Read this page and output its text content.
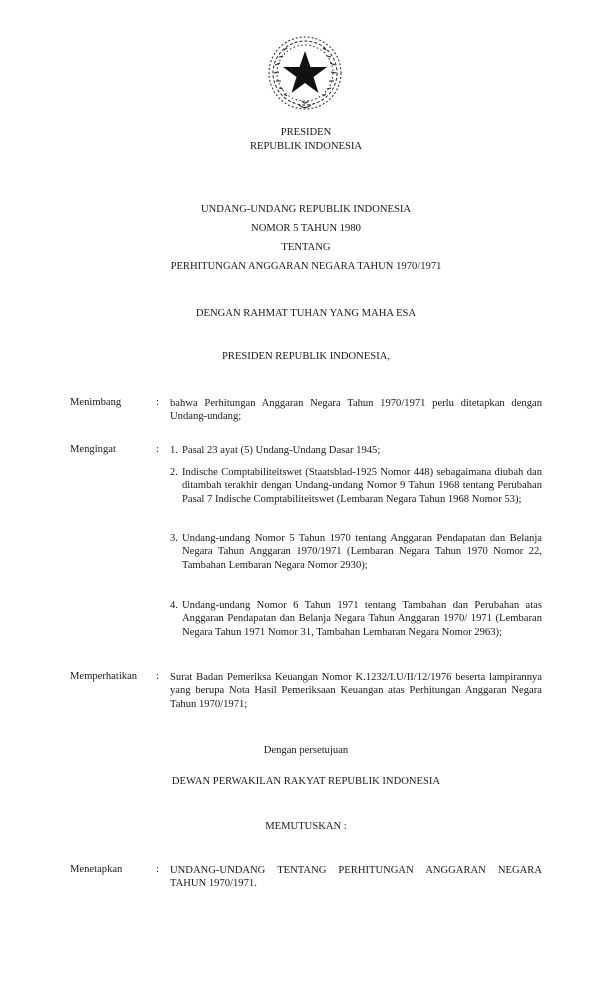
PRESIDEN
REPUBLIK INDONESIA
UNDANG-UNDANG REPUBLIK INDONESIA
NOMOR 5 TAHUN 1980
TENTANG
PERHITUNGAN ANGGARAN NEGARA TAHUN 1970/1971
DENGAN RAHMAT TUHAN YANG MAHA ESA
PRESIDEN REPUBLIK INDONESIA,
Menimbang	: bahwa Perhitungan Anggaran Negara Tahun 1970/1971 perlu ditetapkan dengan Undang-undang;
Mengingat	: 1. Pasal 23 ayat (5) Undang-Undang Dasar 1945;
2. Indische Comptabiliteitswet (Staatsblad-1925 Nomor 448) sebagaimana diubah dan ditambah terakhir dengan Undang-undang Nomor 9 Tahun 1968 tentang Perubahan Pasal 7 Indische Comptabiliteitswet (Lembaran Negara Tahun 1968 Nomor 53);
3. Undang-undang Nomor 5 Tahun 1970 tentang Anggaran Pendapatan dan Belanja Negara Tahun Anggaran 1970/1971 (Lembaran Negara Tahun 1970 Nomor 22, Tambahan Lembaran Negara Nomor 2930);
4. Undang-undang Nomor 6 Tahun 1971 tentang Tambahan dan Perubahan atas Anggaran Pendapatan dan Belanja Negara Tahun Anggaran 1970/ 1971 (Lembaran Negara Tahun 1971 Nomor 31, Tambahan Lembaran Negara Nomor 2963);
Memperhatikan : Surat Badan Pemeriksa Keuangan Nomor K.1232/I.U/II/12/1976 beserta lampirannya yang berupa Nota Hasil Pemeriksaan Keuangan atas Perhitungan Anggaran Negara Tahun 1970/1971;
Dengan persetujuan
DEWAN PERWAKILAN RAKYAT REPUBLIK INDONESIA
MEMUTUSKAN :
Menetapkan	: UNDANG-UNDANG TENTANG PERHITUNGAN ANGGARAN NEGARA TAHUN 1970/1971.
